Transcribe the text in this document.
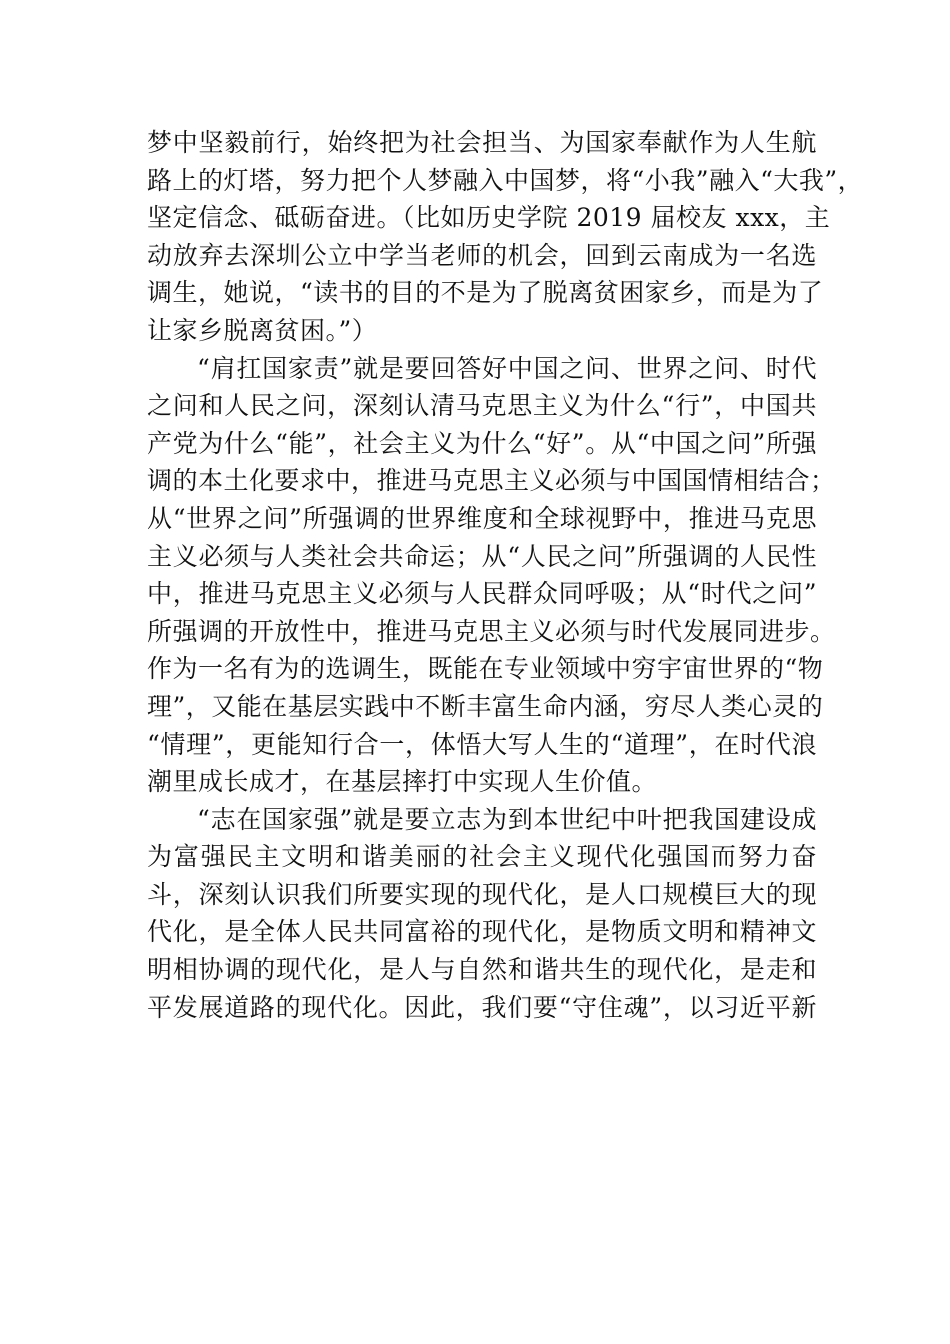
梦中坚毅前行，始终把为社会担当、为国家奉献作为人生航
路上的灯塔，努力把个人梦融入中国梦，将“小我”融入“大我”，
坚定信念、砥砺奋进。（比如历史学院 2019 届校友 xxx，主
动放弃去深圳公立中学当老师的机会，回到云南成为一名选
调生，她说，“读书的目的不是为了脱离贫困家乡，而是为了
让家乡脱离贫困。”）
“肩扛国家责”就是要回答好中国之问、世界之问、时代
之问和人民之问，深刻认清马克思主义为什么“行”，中国共
产党为什么“能”，社会主义为什么“好”。从“中国之问”所强
调的本土化要求中，推进马克思主义必须与中国国情相结合；
从“世界之问”所强调的世界维度和全球视野中，推进马克思
主义必须与人类社会共命运；从“人民之问”所强调的人民性
中，推进马克思主义必须与人民群众同呼吸；从“时代之问”
所强调的开放性中，推进马克思主义必须与时代发展同进步。
作为一名有为的选调生，既能在专业领域中穷宇宙世界的“物
理”，又能在基层实践中不断丰富生命内涵，穷尽人类心灵的
“情理”，更能知行合一，体悟大写人生的“道理”，在时代浪
潮里成长成才，在基层摔打中实现人生价值。
“志在国家强”就是要立志为到本世纪中叶把我国建设成
为富强民主文明和谐美丽的社会主义现代化强国而努力奋
斗，深刻认识我们所要实现的现代化，是人口规模巨大的现
代化，是全体人民共同富裕的现代化，是物质文明和精神文
明相协调的现代化，是人与自然和谐共生的现代化，是走和
平发展道路的现代化。因此，我们要“守住魂”，以习近平新
